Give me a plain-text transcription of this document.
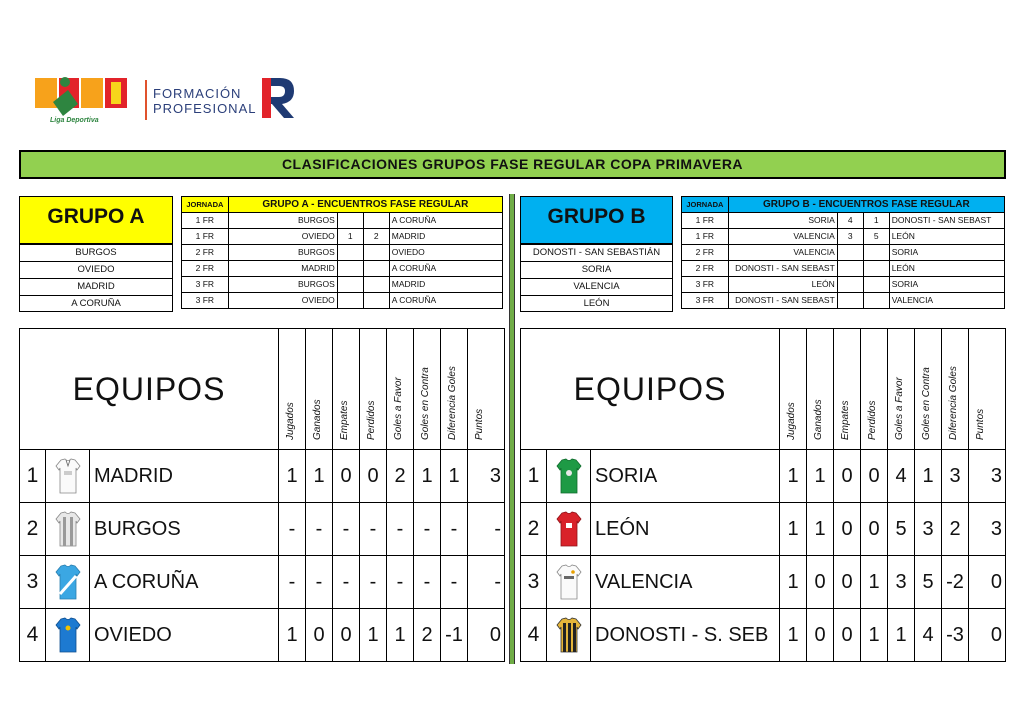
Liga Deportiva
FORMACIÓN
PROFESIONAL
CLASIFICACIONES GRUPOS FASE REGULAR COPA PRIMAVERA
GRUPO A
BURGOS
OVIEDO
MADRID
A CORUÑA
JORNADA	GRUPO A - ENCUENTROS FASE REGULAR			
1 FR	BURGOS			A CORUÑA
1 FR	OVIEDO	1	2	MADRID
2 FR	BURGOS			OVIEDO
2 FR	MADRID			A CORUÑA
3 FR	BURGOS			MADRID
3 FR	OVIEDO			A CORUÑA
GRUPO B
DONOSTI - SAN SEBASTIÁN
SORIA
VALENCIA
LEÓN
JORNADA	GRUPO B - ENCUENTROS FASE REGULAR			
1 FR	SORIA	4	1	DONOSTI - SAN SEBAST
1 FR	VALENCIA	3	5	LEÓN
2 FR	VALENCIA			SORIA
2 FR	DONOSTI - SAN SEBAST			LEÓN
3 FR	LEÓN			SORIA
3 FR	DONOSTI - SAN SEBAST			VALENCIA
EQUIPOS			Jugados	Ganados	Empates	Perdidos	Goles a Favor	Goles en Contra	Diferencia Goles	Puntos

1		MADRID	1	1	0	0	2	1	1	3
2		BURGOS	-	-	-	-	-	-	-	-
3		A CORUÑA	-	-	-	-	-	-	-	-
4		OVIEDO	1	0	0	1	1	2	-1	0
EQUIPOS			Jugados	Ganados	Empates	Perdidos	Goles a Favor	Goles en Contra	Diferencia Goles	Puntos

1		SORIA	1	1	0	0	4	1	3	3
2		LEÓN	1	1	0	0	5	3	2	3
3		VALENCIA	1	0	0	1	3	5	-2	0
4		DONOSTI - S. SEB	1	0	0	1	1	4	-3	0
